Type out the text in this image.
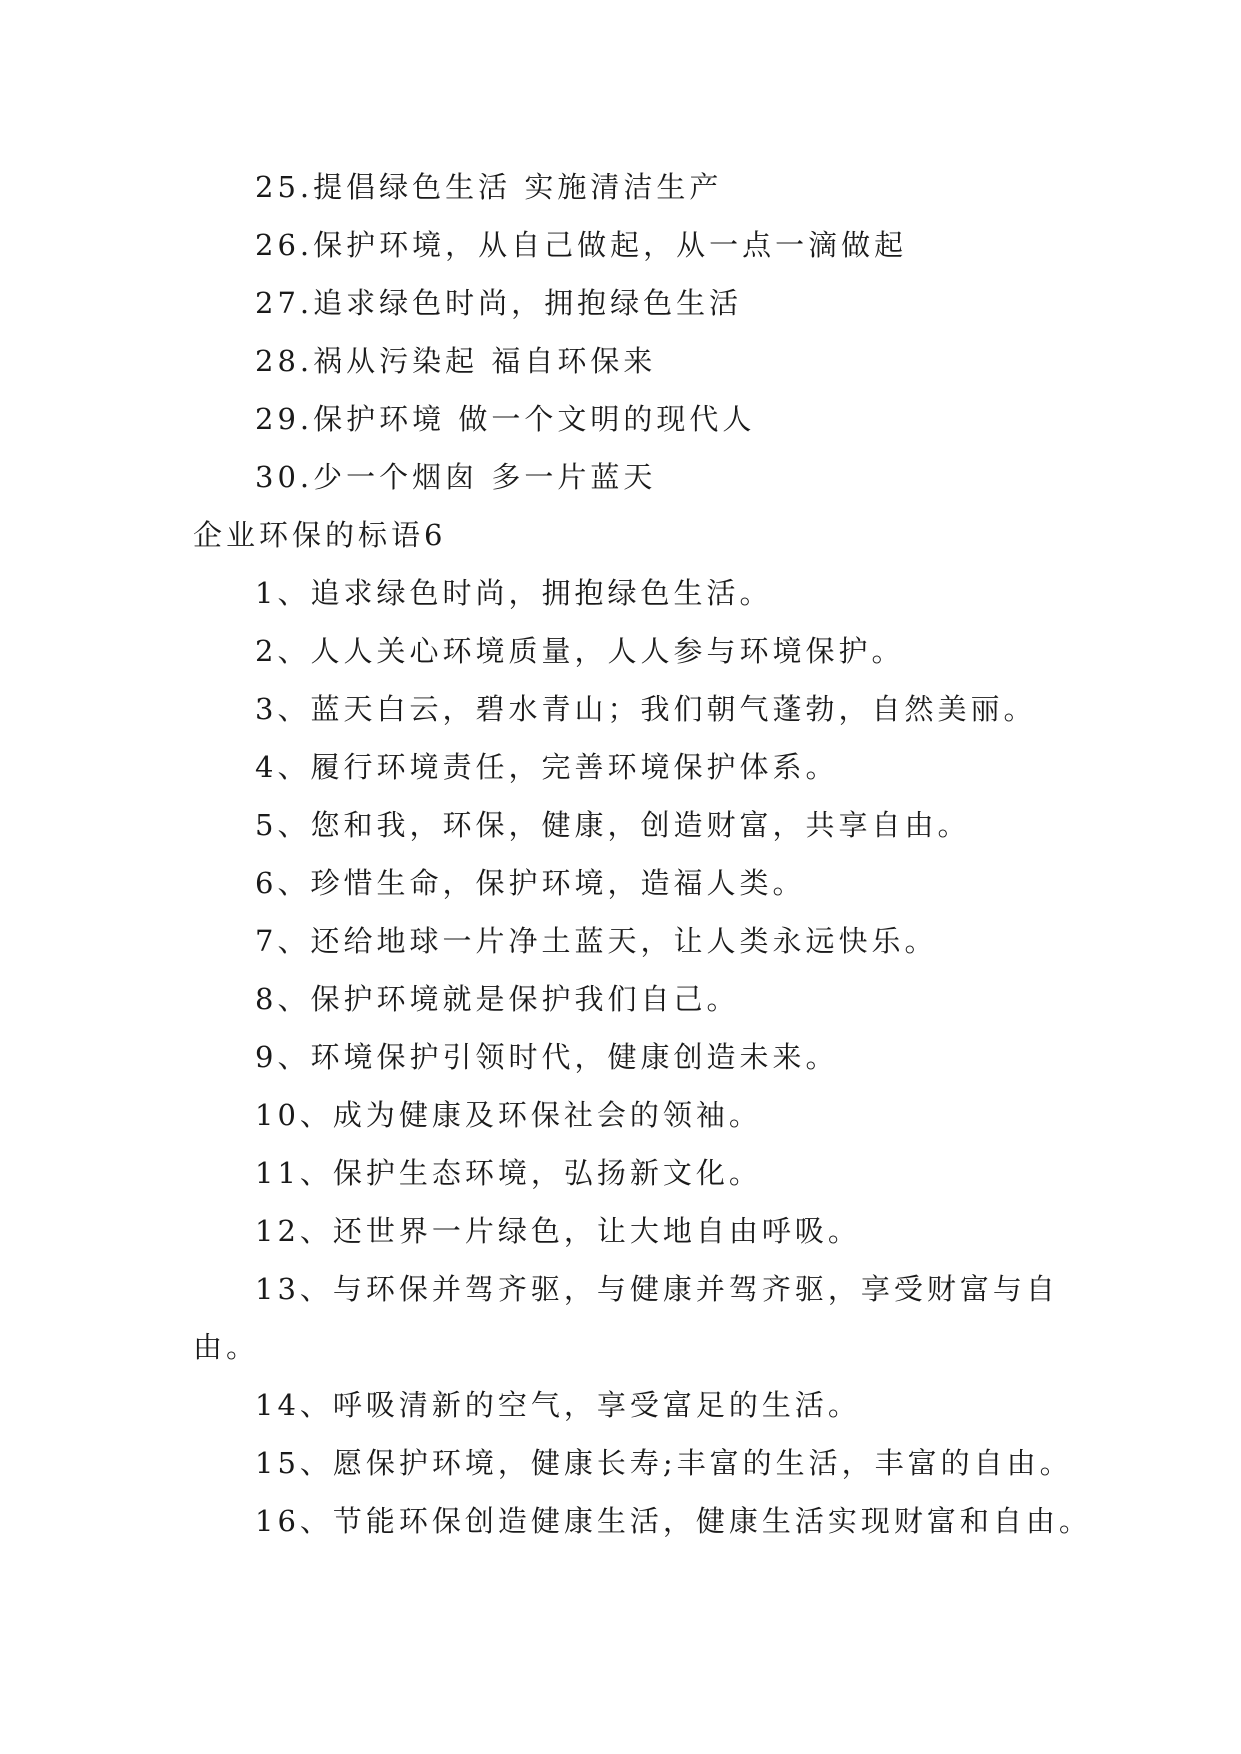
25.提倡绿色生活 实施清洁生产
26.保护环境，从自己做起，从一点一滴做起
27.追求绿色时尚，拥抱绿色生活
28.祸从污染起 福自环保来
29.保护环境 做一个文明的现代人
30.少一个烟囱 多一片蓝天
企业环保的标语6
1、追求绿色时尚，拥抱绿色生活。
2、人人关心环境质量，人人参与环境保护。
3、蓝天白云，碧水青山；我们朝气蓬勃，自然美丽。
4、履行环境责任，完善环境保护体系。
5、您和我，环保，健康，创造财富，共享自由。
6、珍惜生命，保护环境，造福人类。
7、还给地球一片净土蓝天，让人类永远快乐。
8、保护环境就是保护我们自己。
9、环境保护引领时代，健康创造未来。
10、成为健康及环保社会的领袖。
11、保护生态环境，弘扬新文化。
12、还世界一片绿色，让大地自由呼吸。
13、与环保并驾齐驱，与健康并驾齐驱，享受财富与自
由。
14、呼吸清新的空气，享受富足的生活。
15、愿保护环境，健康长寿;丰富的生活，丰富的自由。
16、节能环保创造健康生活，健康生活实现财富和自由。
